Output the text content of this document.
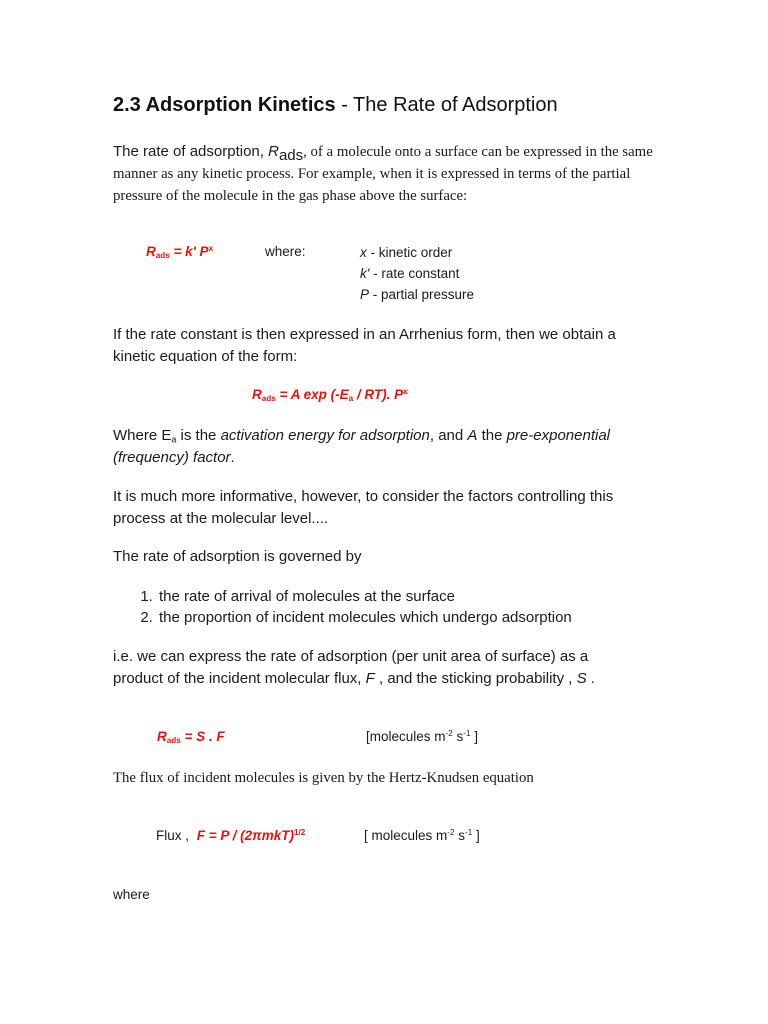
2.3 Adsorption Kinetics - The Rate of Adsorption
The rate of adsorption, $R_{ads}$, of a molecule onto a surface can be expressed in the same manner as any kinetic process. For example, when it is expressed in terms of the partial pressure of the molecule in the gas phase above the surface:
$R_{ads} = k'$ $P^x$	where:	x - kinetic order
k' - rate constant
P - partial pressure
If the rate constant is then expressed in an Arrhenius form, then we obtain a
kinetic equation of the form:
$R_{ads} = A$ $\exp (-E_a / RT)$. $P^x$
Where $E_a$ is the activation energy for adsorption, and A the pre-exponential
(frequency) factor.
It is much more informative, however, to consider the factors controlling this
process at the molecular level....
The rate of adsorption is governed by
1. the rate of arrival of molecules at the surface
2. the proportion of incident molecules which undergo adsorption
i.e. we can express the rate of adsorption (per unit area of surface) as a
product of the incident molecular flux, F , and the sticking probability , S .
$R_{ads} = S$ . F	[molecules $m^{-2}$ $s^{-1}$ ]
The flux of incident molecules is given by the Hertz-Knudsen equation
Flux , $F = P / (2\pi mkT)^{1/2}$	[ molecules $m^{-2}$ $s^{-1}$ ]
where
